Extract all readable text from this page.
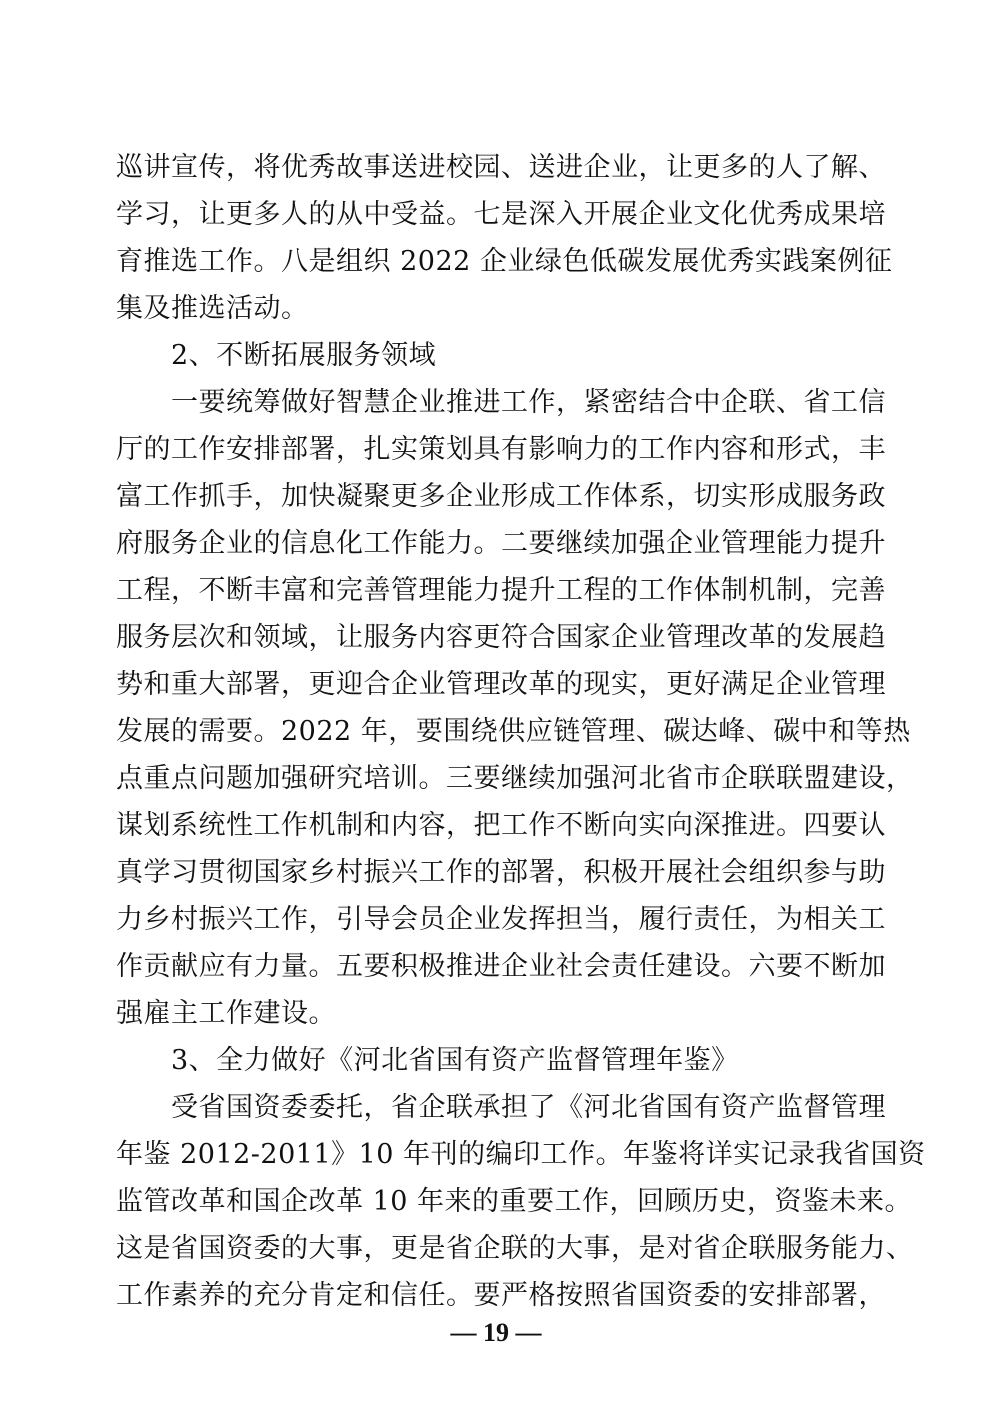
巡讲宣传，将优秀故事送进校园、送进企业，让更多的人了解、
学习，让更多人的从中受益。七是深入开展企业文化优秀成果培
育推选工作。八是组织 2022 企业绿色低碳发展优秀实践案例征
集及推选活动。
2、不断拓展服务领域
一要统筹做好智慧企业推进工作，紧密结合中企联、省工信
厅的工作安排部署，扎实策划具有影响力的工作内容和形式，丰
富工作抓手，加快凝聚更多企业形成工作体系，切实形成服务政
府服务企业的信息化工作能力。二要继续加强企业管理能力提升
工程，不断丰富和完善管理能力提升工程的工作体制机制，完善
服务层次和领域，让服务内容更符合国家企业管理改革的发展趋
势和重大部署，更迎合企业管理改革的现实，更好满足企业管理
发展的需要。2022 年，要围绕供应链管理、碳达峰、碳中和等热
点重点问题加强研究培训。三要继续加强河北省市企联联盟建设，
谋划系统性工作机制和内容，把工作不断向实向深推进。四要认
真学习贯彻国家乡村振兴工作的部署，积极开展社会组织参与助
力乡村振兴工作，引导会员企业发挥担当，履行责任，为相关工
作贡献应有力量。五要积极推进企业社会责任建设。六要不断加
强雇主工作建设。
3、全力做好《河北省国有资产监督管理年鉴》
受省国资委委托，省企联承担了《河北省国有资产监督管理
年鉴 2012-2011》10 年刊的编印工作。年鉴将详实记录我省国资
监管改革和国企改革 10 年来的重要工作，回顾历史，资鉴未来。
这是省国资委的大事，更是省企联的大事，是对省企联服务能力、
工作素养的充分肯定和信任。要严格按照省国资委的安排部署，
— 19 —
